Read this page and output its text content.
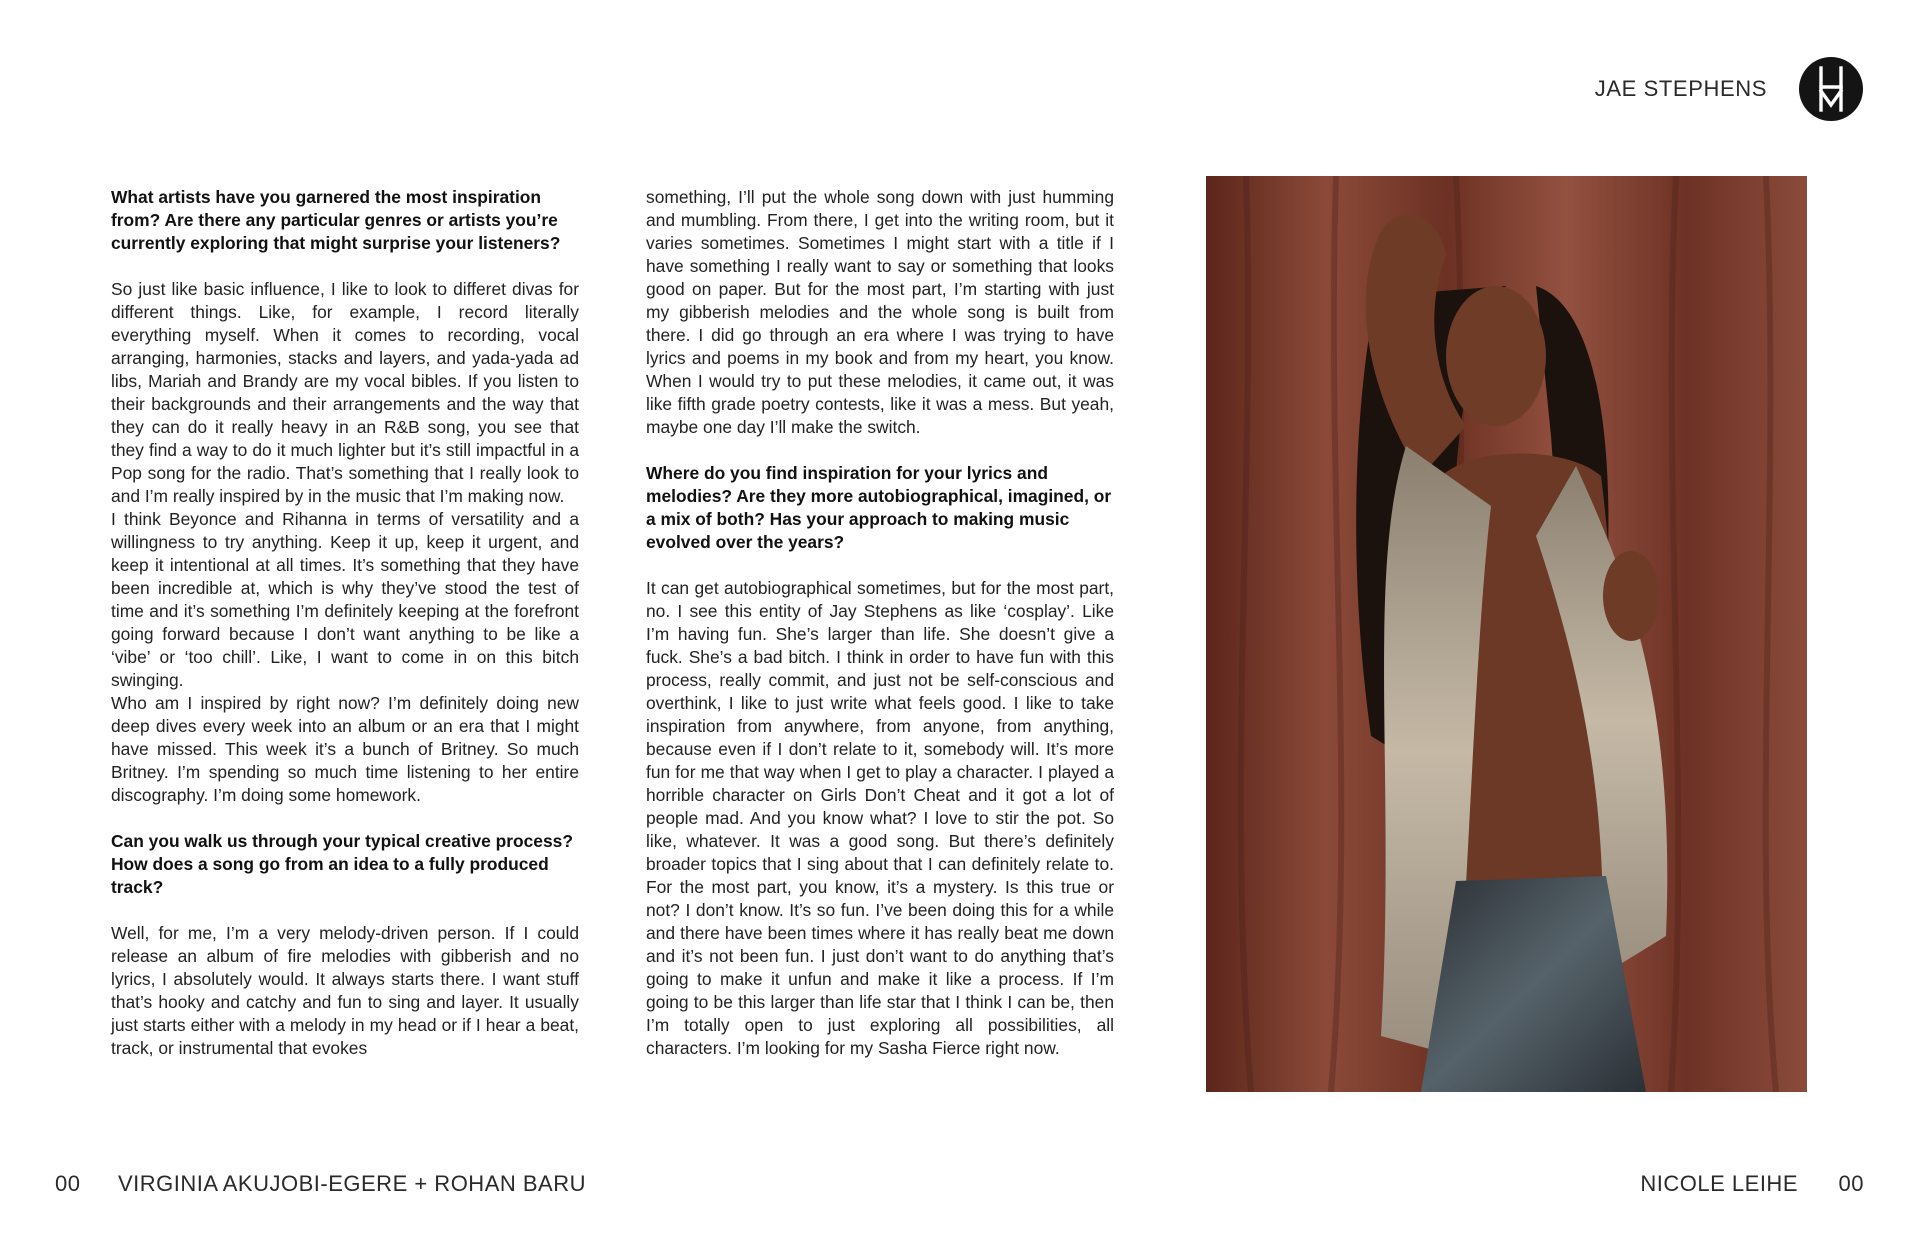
JAE STEPHENS

What artists have you garnered the most inspiration from? Are there any particular genres or artists you’re currently exploring that might surprise your listeners?

So just like basic influence, I like to look to differet divas for different things. Like, for example, I record literally everything myself. When it comes to recording, vocal arranging, harmonies, stacks and layers, and yada-yada ad libs, Mariah and Brandy are my vocal bibles. If you listen to their backgrounds and their arrangements and the way that they can do it really heavy in an R&B song, you see that they find a way to do it much lighter but it’s still impactful in a Pop song for the radio. That’s something that I really look to and I’m really inspired by in the music that I’m making now.

I think Beyonce and Rihanna in terms of versatility and a willingness to try anything. Keep it up, keep it urgent, and keep it intentional at all times. It’s something that they have been incredible at, which is why they’ve stood the test of time and it’s something I’m definitely keeping at the forefront going forward because I don’t want anything to be like a ‘vibe’ or ‘too chill’. Like, I want to come in on this bitch swinging.

Who am I inspired by right now? I’m definitely doing new deep dives every week into an album or an era that I might have missed. This week it’s a bunch of Britney. So much Britney. I’m spending so much time listening to her entire discography. I’m doing some homework.

Can you walk us through your typical creative process? How does a song go from an idea to a fully produced track?

Well, for me, I’m a very melody-driven person. If I could release an album of fire melodies with gibberish and no lyrics, I absolutely would. It always starts there. I want stuff that’s hooky and catchy and fun to sing and layer. It usually just starts either with a melody in my head or if I hear a beat, track, or instrumental that evokes

something, I’ll put the whole song down with just humming and mumbling. From there, I get into the writing room, but it varies sometimes. Sometimes I might start with a title if I have something I really want to say or something that looks good on paper. But for the most part, I’m starting with just my gibberish melodies and the whole song is built from there. I did go through an era where I was trying to have lyrics and poems in my book and from my heart, you know. When I would try to put these melodies, it came out, it was like fifth grade poetry contests, like it was a mess. But yeah, maybe one day I’ll make the switch.

Where do you find inspiration for your lyrics and melodies? Are they more autobiographical, imagined, or a mix of both? Has your approach to making music evolved over the years?

It can get autobiographical sometimes, but for the most part, no. I see this entity of Jay Stephens as like ‘cosplay’. Like I’m having fun. She’s larger than life. She doesn’t give a fuck. She’s a bad bitch. I think in order to have fun with this process, really commit, and just not be self-conscious and overthink, I like to just write what feels good. I like to take inspiration from anywhere, from anyone, from anything, because even if I don’t relate to it, somebody will. It’s more fun for me that way when I get to play a character. I played a horrible character on Girls Don’t Cheat and it got a lot of people mad. And you know what? I love to stir the pot. So like, whatever. It was a good song. But there’s definitely broader topics that I sing about that I can definitely relate to. For the most part, you know, it’s a mystery. Is this true or not? I don’t know. It’s so fun. I’ve been doing this for a while and there have been times where it has really beat me down and it’s not been fun. I just don’t want to do anything that’s going to make it unfun and make it like a process. If I’m going to be this larger than life star that I think I can be, then I’m totally open to just exploring all possibilities, all characters. I’m looking for my Sasha Fierce right now.

00 VIRGINIA AKUJOBI-EGERE + ROHAN BARU	NICOLE LEIHE 00
